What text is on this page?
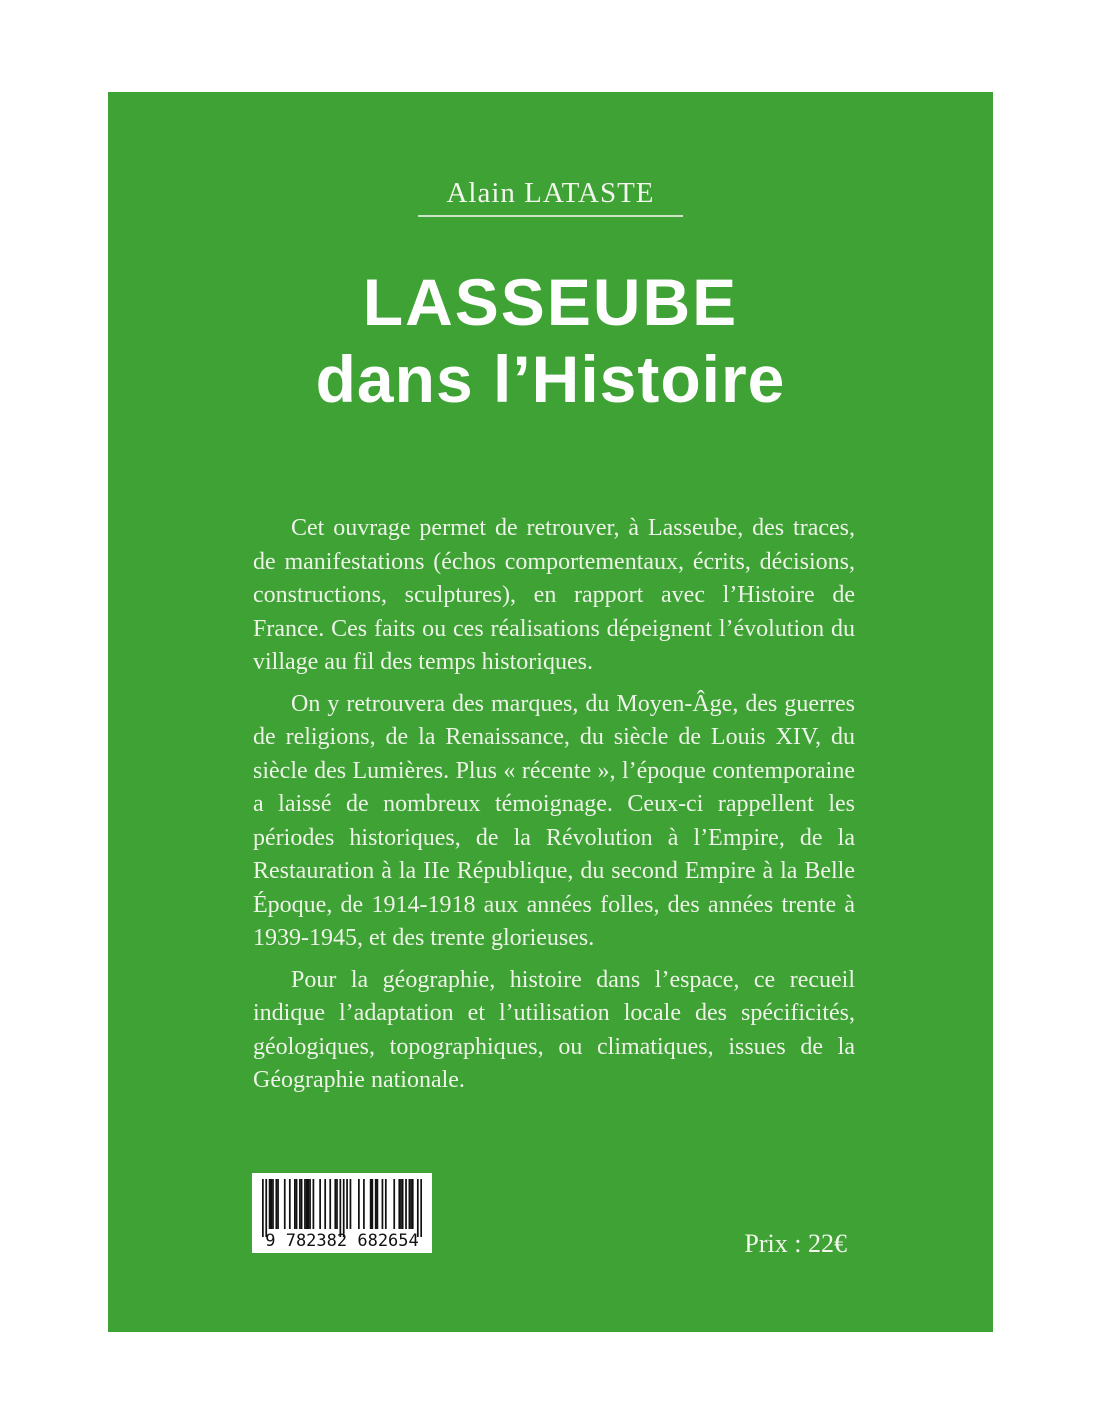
Alain LATASTE
LASSEUBE
dans l’Histoire

Cet ouvrage permet de retrouver, à Lasseube, des traces, de manifestations (échos comportementaux, écrits, décisions, constructions, sculptures), en rapport avec l’Histoire de France. Ces faits ou ces réalisations dépeignent l’évolution du village au fil des temps historiques.

On y retrouvera des marques, du Moyen-Âge, des guerres de religions, de la Renaissance, du siècle de Louis XIV, du siècle des Lumières. Plus « récente », l’époque contemporaine a laissé de nombreux témoignage. Ceux-ci rappellent les périodes historiques, de la Révolution à l’Empire, de la Restauration à la IIe République, du second Empire à la Belle Époque, de 1914-1918 aux années folles, des années trente à 1939-1945, et des trente glorieuses.

Pour la géographie, histoire dans l’espace, ce recueil indique l’adaptation et l’utilisation locale des spécificités, géologiques, topographiques, ou climatiques, issues de la Géographie nationale.

9 782382 682654	Prix : 22€
